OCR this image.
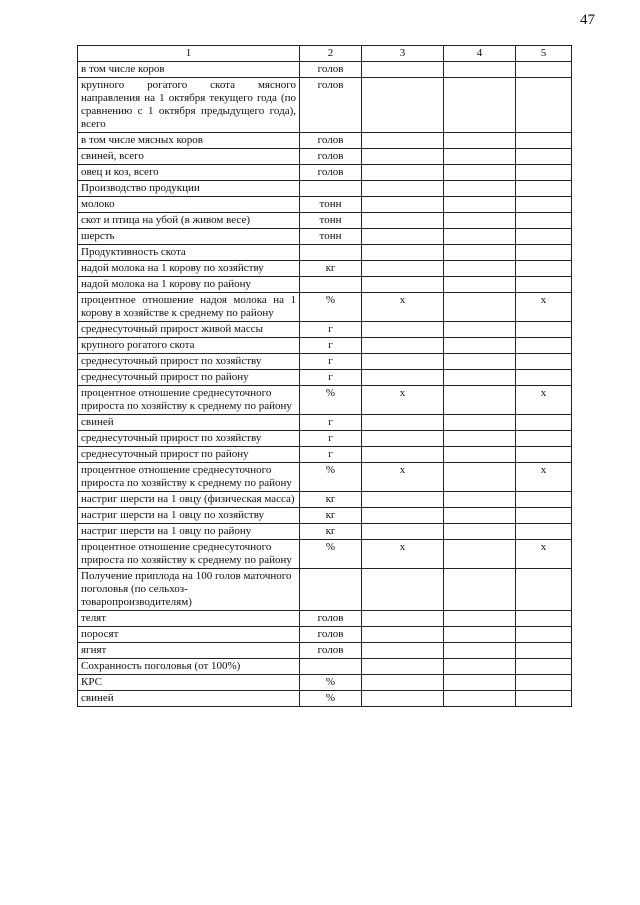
47
1	2	3	4	5
в том числе коров	голов			
крупного рогатого скота мясного направления на 1 октября текущего года (по сравнению с 1 октября предыдущего года), всего	голов			
в том числе мясных коров	голов			
свиней, всего	голов			
овец и коз, всего	голов			
Производство продукции				
молоко	тонн			
скот и птица на убой (в живом весе)	тонн			
шерсть	тонн			
Продуктивность скота				
надой молока на 1 корову по хозяйству	кг			
надой молока на 1 корову по району				
процентное отношение надоя молока на 1 корову в хозяйстве к среднему по району	%	x		x
среднесуточный прирост живой массы	г			
крупного рогатого скота	г			
среднесуточный прирост по хозяйству	г			
среднесуточный прирост по району	г			
процентное отношение среднесуточного прироста по хозяйству к среднему по району	%	x		x
свиней	г			
среднесуточный прирост по хозяйству	г			
среднесуточный прирост по району	г			
процентное отношение среднесуточного прироста по хозяйству к среднему по району	%	x		x
настриг шерсти на 1 овцу (физическая масса)	кг			
настриг шерсти на 1 овцу по хозяйству	кг			
настриг шерсти на 1 овцу по району	кг			
процентное отношение среднесуточного прироста по хозяйству к среднему по району	%	x		x
Получение приплода на 100 голов маточного поголовья (по сельхоз-товаропроизводителям)				
телят	голов			
поросят	голов			
ягнят	голов			
Сохранность поголовья (от 100%)				
КРС	%			
свиней	%			
